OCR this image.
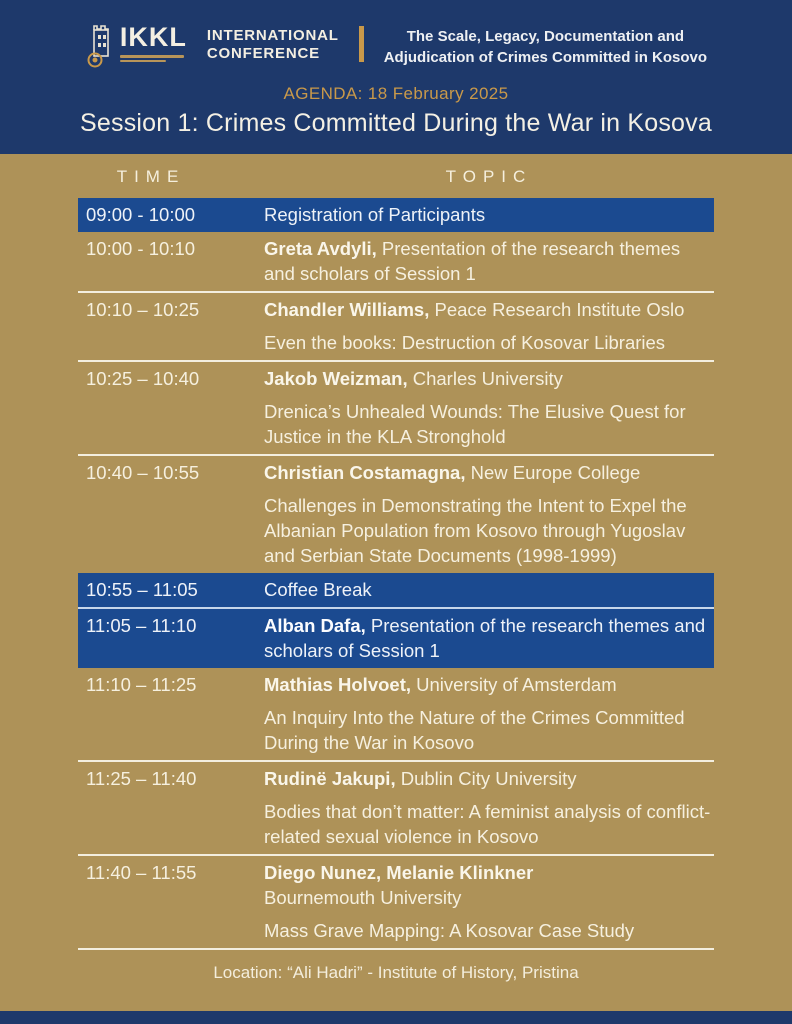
IKKL INTERNATIONAL
CONFERENCE
The Scale, Legacy, Documentation and
Adjudication of Crimes Committed in Kosovo
AGENDA: 18 February 2025
Session 1: Crimes Committed During the War in Kosova
TIME	TOPIC
09:00 - 10:00	Registration of Participants

10:00 - 10:10	Greta Avdyli, Presentation of the research themes and scholars of Session 1

10:10 – 10:25	Chandler Williams, Peace Research Institute Oslo

Even the books: Destruction of Kosovar Libraries

10:25 – 10:40	Jakob Weizman, Charles University

Drenica’s Unhealed Wounds: The Elusive Quest for Justice in the KLA Stronghold

10:40 – 10:55	Christian Costamagna, New Europe College

Challenges in Demonstrating the Intent to Expel the Albanian Population from Kosovo through Yugoslav and Serbian State Documents (1998-1999)

10:55 – 11:05	Coffee Break

11:05 – 11:10	Alban Dafa, Presentation of the research themes and scholars of Session 1

11:10 – 11:25	Mathias Holvoet, University of Amsterdam

An Inquiry Into the Nature of the Crimes Committed During the War in Kosovo

11:25 – 11:40	Rudinë Jakupi, Dublin City University

Bodies that don’t matter: A feminist analysis of conflict-related sexual violence in Kosovo

11:40 – 11:55	Diego Nunez, Melanie Klinkner

Bournemouth University

Mass Grave Mapping: A Kosovar Case Study

Location: “Ali Hadri” - Institute of History, Pristina
